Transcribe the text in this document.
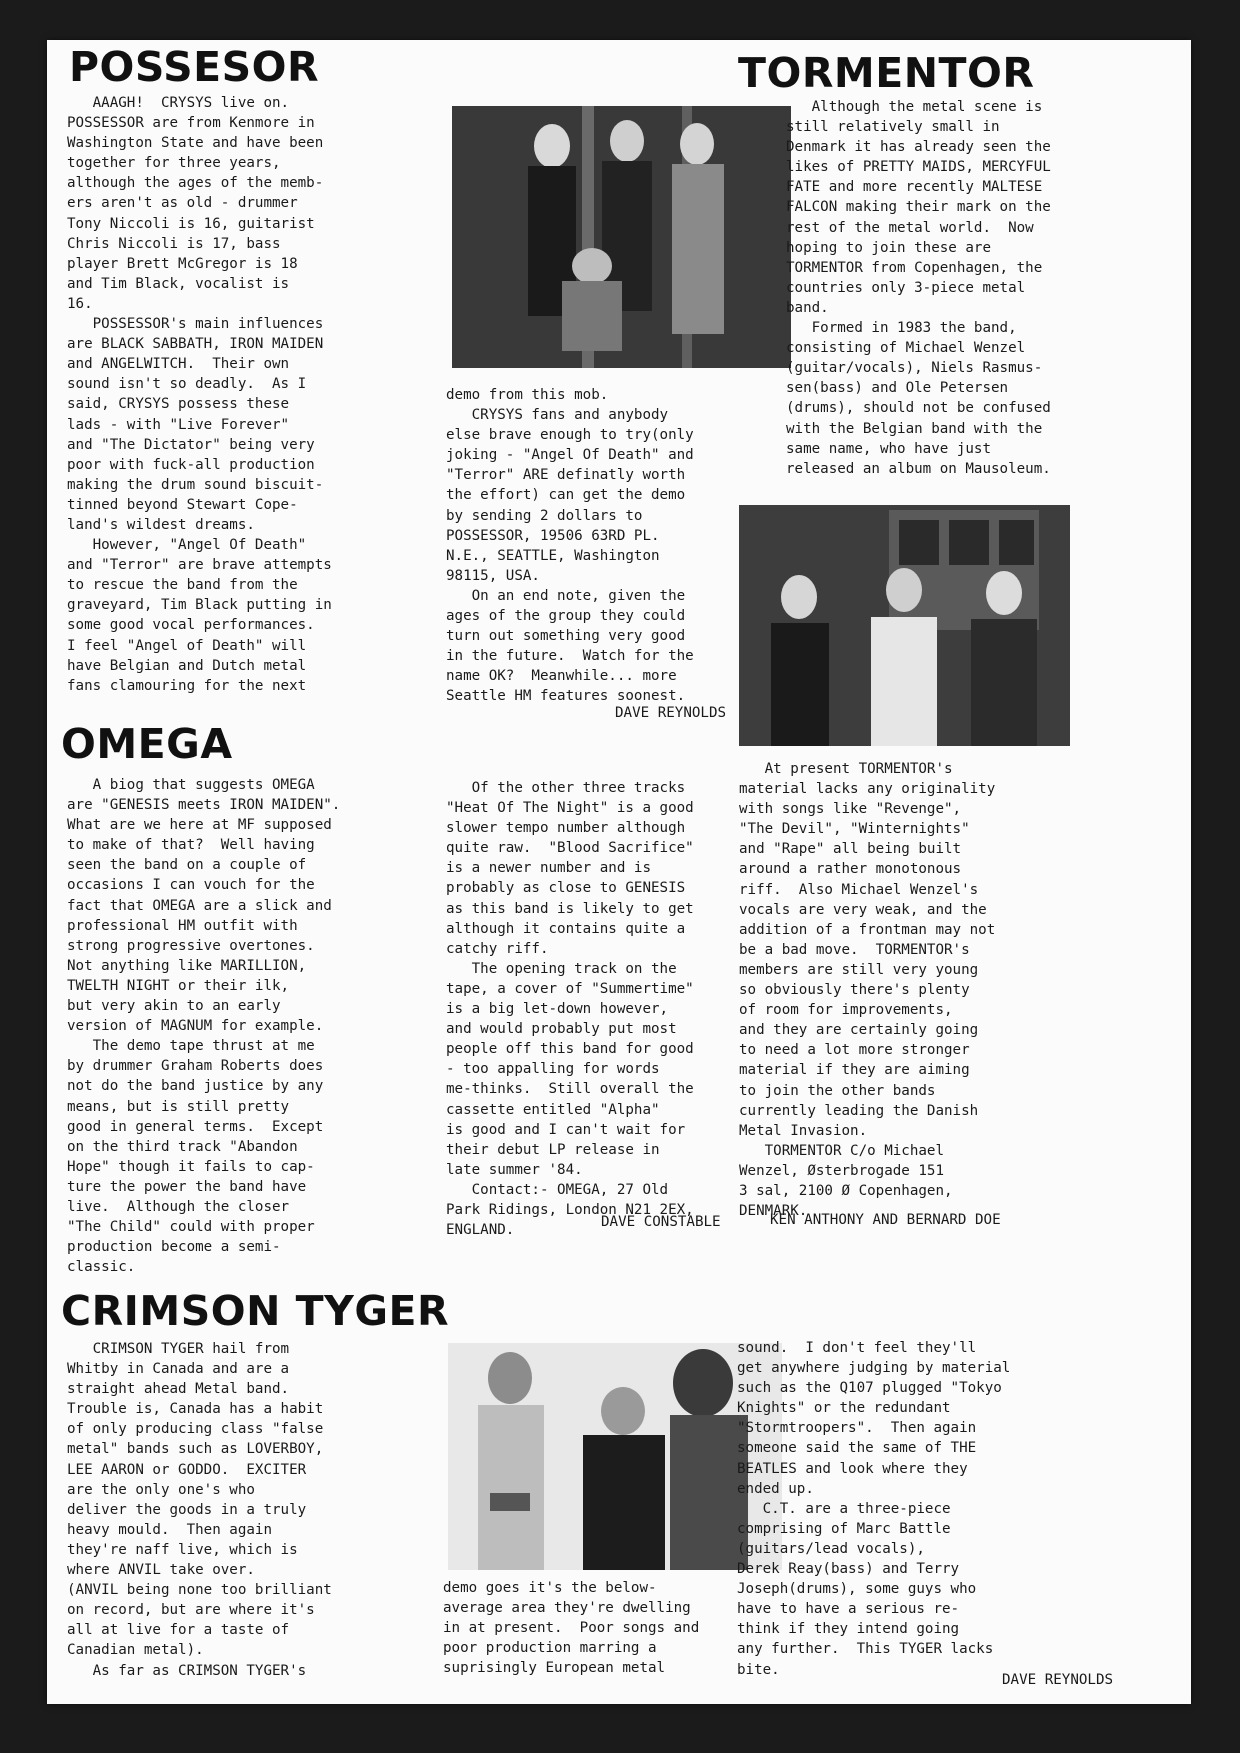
POSSESOR
AAAGH!  CRYSYS live on.
POSSESSOR are from Kenmore in
Washington State and have been
together for three years,
although the ages of the memb-
ers aren't as old - drummer
Tony Niccoli is 16, guitarist
Chris Niccoli is 17, bass
player Brett McGregor is 18
and Tim Black, vocalist is
16.
POSSESSOR's main influences
are BLACK SABBATH, IRON MAIDEN
and ANGELWITCH.  Their own
sound isn't so deadly.  As I
said, CRYSYS possess these
lads - with "Live Forever"
and "The Dictator" being very
poor with fuck-all production
making the drum sound biscuit-
tinned beyond Stewart Cope-
land's wildest dreams.
However, "Angel Of Death"
and "Terror" are brave attempts
to rescue the band from the
graveyard, Tim Black putting in
some good vocal performances.
I feel "Angel of Death" will
have Belgian and Dutch metal
fans clamouring for the next
demo from this mob.
CRYSYS fans and anybody
else brave enough to try(only
joking - "Angel Of Death" and
"Terror" ARE definatly worth
the effort) can get the demo
by sending 2 dollars to
POSSESSOR, 19506 63RD PL.
N.E., SEATTLE, Washington
98115, USA.
On an end note, given the
ages of the group they could
turn out something very good
in the future.  Watch for the
name OK?  Meanwhile... more
Seattle HM features soonest.
DAVE REYNOLDS
TORMENTOR
Although the metal scene is
still relatively small in
Denmark it has already seen the
likes of PRETTY MAIDS, MERCYFUL
FATE and more recently MALTESE
FALCON making their mark on the
rest of the metal world.  Now
hoping to join these are
TORMENTOR from Copenhagen, the
countries only 3-piece metal
band.
Formed in 1983 the band,
consisting of Michael Wenzel
(guitar/vocals), Niels Rasmus-
sen(bass) and Ole Petersen
(drums), should not be confused
with the Belgian band with the
same name, who have just
released an album on Mausoleum.
At present TORMENTOR's
material lacks any originality
with songs like "Revenge",
"The Devil", "Winternights"
and "Rape" all being built
around a rather monotonous
riff.  Also Michael Wenzel's
vocals are very weak, and the
addition of a frontman may not
be a bad move.  TORMENTOR's
members are still very young
so obviously there's plenty
of room for improvements,
and they are certainly going
to need a lot more stronger
material if they are aiming
to join the other bands
currently leading the Danish
Metal Invasion.
TORMENTOR C/o Michael
Wenzel, Østerbrogade 151
3 sal, 2100 Ø Copenhagen,
DENMARK.
KEN ANTHONY AND BERNARD DOE
OMEGA
A biog that suggests OMEGA
are "GENESIS meets IRON MAIDEN".
What are we here at MF supposed
to make of that?  Well having
seen the band on a couple of
occasions I can vouch for the
fact that OMEGA are a slick and
professional HM outfit with
strong progressive overtones.
Not anything like MARILLION,
TWELTH NIGHT or their ilk,
but very akin to an early
version of MAGNUM for example.
The demo tape thrust at me
by drummer Graham Roberts does
not do the band justice by any
means, but is still pretty
good in general terms.  Except
on the third track "Abandon
Hope" though it fails to cap-
ture the power the band have
live.  Although the closer
"The Child" could with proper
production become a semi-
classic.
Of the other three tracks
"Heat Of The Night" is a good
slower tempo number although
quite raw.  "Blood Sacrifice"
is a newer number and is
probably as close to GENESIS
as this band is likely to get
although it contains quite a
catchy riff.
The opening track on the
tape, a cover of "Summertime"
is a big let-down however,
and would probably put most
people off this band for good
- too appalling for words
me-thinks.  Still overall the
cassette entitled "Alpha"
is good and I can't wait for
their debut LP release in
late summer '84.
Contact:- OMEGA, 27 Old
Park Ridings, London N21 2EX,
ENGLAND.
DAVE CONSTABLE
CRIMSON TYGER
CRIMSON TYGER hail from
Whitby in Canada and are a
straight ahead Metal band.
Trouble is, Canada has a habit
of only producing class "false
metal" bands such as LOVERBOY,
LEE AARON or GODDO.  EXCITER
are the only one's who
deliver the goods in a truly
heavy mould.  Then again
they're naff live, which is
where ANVIL take over.
(ANVIL being none too brilliant
on record, but are where it's
all at live for a taste of
Canadian metal).
As far as CRIMSON TYGER's
demo goes it's the below-
average area they're dwelling
in at present.  Poor songs and
poor production marring a
suprisingly European metal
sound.  I don't feel they'll
get anywhere judging by material
such as the Q107 plugged "Tokyo
Knights" or the redundant
"Stormtroopers".  Then again
someone said the same of THE
BEATLES and look where they
ended up.
C.T. are a three-piece
comprising of Marc Battle
(guitars/lead vocals),
Derek Reay(bass) and Terry
Joseph(drums), some guys who
have to have a serious re-
think if they intend going
any further.  This TYGER lacks
bite.
DAVE REYNOLDS
